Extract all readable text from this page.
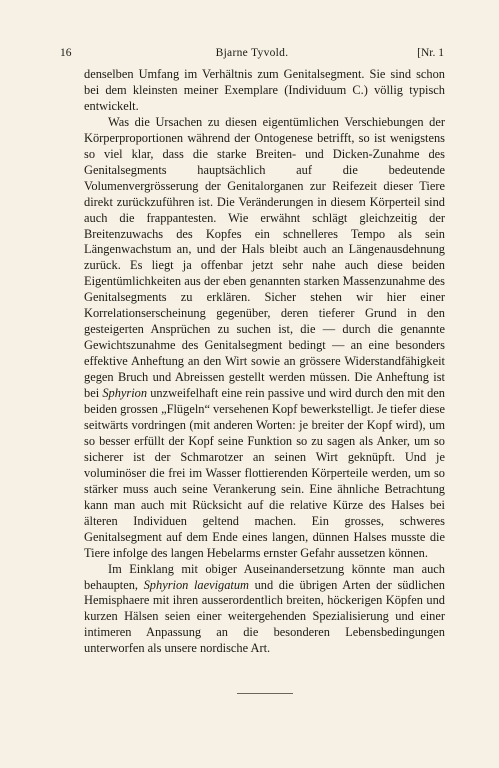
16	Bjarne Tyvold.	[Nr. 1

denselben Umfang im Verhältnis zum Genitalsegment. Sie sind schon bei dem kleinsten meiner Exemplare (Individuum C.) völlig typisch entwickelt.

Was die Ursachen zu diesen eigentümlichen Verschiebungen der Körperproportionen während der Ontogenese betrifft, so ist wenigstens so viel klar, dass die starke Breiten- und Dicken-Zunahme des Genitalsegments hauptsächlich auf die bedeutende Volumenvergrösserung der Genitalorganen zur Reifezeit dieser Tiere direkt zurückzuführen ist. Die Veränderungen in diesem Körperteil sind auch die frappantesten. Wie erwähnt schlägt gleichzeitig der Breitenzuwachs des Kopfes ein schnelleres Tempo als sein Längenwachstum an, und der Hals bleibt auch an Längenausdehnung zurück. Es liegt ja offenbar jetzt sehr nahe auch diese beiden Eigentümlichkeiten aus der eben genannten starken Massenzunahme des Genitalsegments zu erklären. Sicher stehen wir hier einer Korrelationserscheinung gegenüber, deren tieferer Grund in den gesteigerten Ansprüchen zu suchen ist, die — durch die genannte Gewichtszunahme des Genitalsegment bedingt — an eine besonders effektive Anheftung an den Wirt sowie an grössere Widerstandfähigkeit gegen Bruch und Abreissen gestellt werden müssen. Die Anheftung ist bei Sphyrion unzweifelhaft eine rein passive und wird durch den mit den beiden grossen „Flügeln“ versehenen Kopf bewerkstelligt. Je tiefer diese seitwärts vordringen (mit anderen Worten: je breiter der Kopf wird), um so besser erfüllt der Kopf seine Funktion so zu sagen als Anker, um so sicherer ist der Schmarotzer an seinen Wirt geknüpft. Und je voluminöser die frei im Wasser flottierenden Körperteile werden, um so stärker muss auch seine Verankerung sein. Eine ähnliche Betrachtung kann man auch mit Rücksicht auf die relative Kürze des Halses bei älteren Individuen geltend machen. Ein grosses, schweres Genitalsegment auf dem Ende eines langen, dünnen Halses musste die Tiere infolge des langen Hebelarms ernster Gefahr aussetzen können.

Im Einklang mit obiger Auseinandersetzung könnte man auch behaupten, Sphyrion laevigatum und die übrigen Arten der südlichen Hemisphaere mit ihren ausserordentlich breiten, höckerigen Köpfen und kurzen Hälsen seien einer weitergehenden Spezialisierung und einer intimeren Anpassung an die besonderen Lebensbedingungen unterworfen als unsere nordische Art.
